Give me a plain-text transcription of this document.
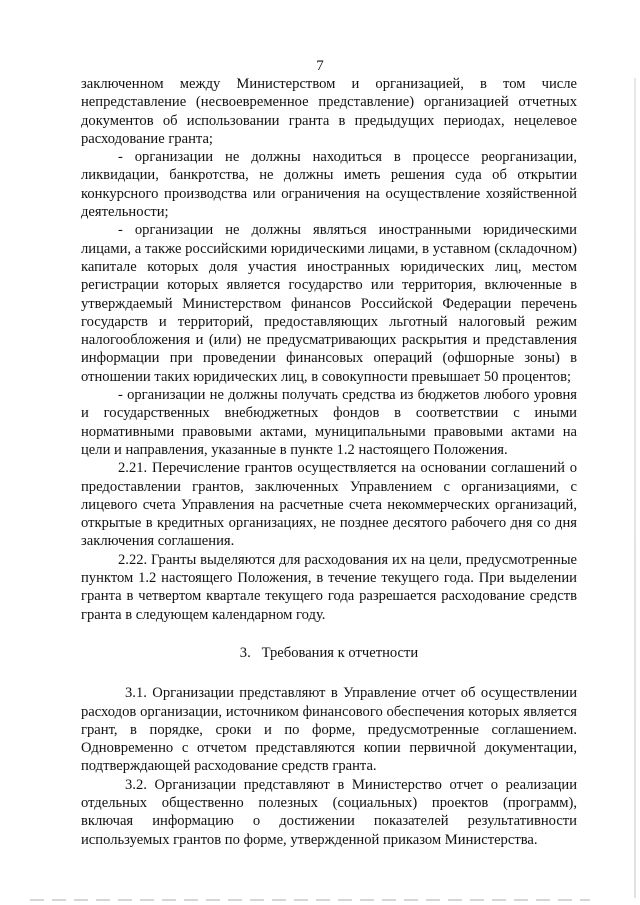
7

заключенном между Министерством и организацией, в том числе непредставление (несвоевременное представление) организацией отчетных документов об использовании гранта в предыдущих периодах, нецелевое расходование гранта;

- организации не должны находиться в процессе реорганизации, ликвидации, банкротства, не должны иметь решения суда об открытии конкурсного производства или ограничения на осуществление хозяйственной деятельности;

- организации не должны являться иностранными юридическими лицами, а также российскими юридическими лицами, в уставном (складочном) капитале которых доля участия иностранных юридических лиц, местом регистрации которых является государство или территория, включенные в утверждаемый Министерством финансов Российской Федерации перечень государств и территорий, предоставляющих льготный налоговый режим налогообложения и (или) не предусматривающих раскрытия и представления информации при проведении финансовых операций (офшорные зоны) в отношении таких юридических лиц, в совокупности превышает 50 процентов;

- организации не должны получать средства из бюджетов любого уровня и государственных внебюджетных фондов в соответствии с иными нормативными правовыми актами, муниципальными правовыми актами на цели и направления, указанные в пункте 1.2 настоящего Положения.

2.21. Перечисление грантов осуществляется на основании соглашений о предоставлении грантов, заключенных Управлением с организациями, с лицевого счета Управления на расчетные счета некоммерческих организаций, открытые в кредитных организациях, не позднее десятого рабочего дня со дня заключения соглашения.

2.22. Гранты выделяются для расходования их на цели, предусмотренные пунктом 1.2 настоящего Положения, в течение текущего года. При выделении гранта в четвертом квартале текущего года разрешается расходование средств гранта в следующем календарном году.

3.   Требования к отчетности

3.1. Организации представляют в Управление отчет об осуществлении расходов организации, источником финансового обеспечения которых является грант, в порядке, сроки и по форме, предусмотренные соглашением. Одновременно с отчетом представляются копии первичной документации, подтверждающей расходование средств гранта.

3.2. Организации представляют в Министерство отчет о реализации отдельных общественно полезных (социальных) проектов (программ), включая информацию о достижении показателей результативности используемых грантов по форме, утвержденной приказом Министерства.
